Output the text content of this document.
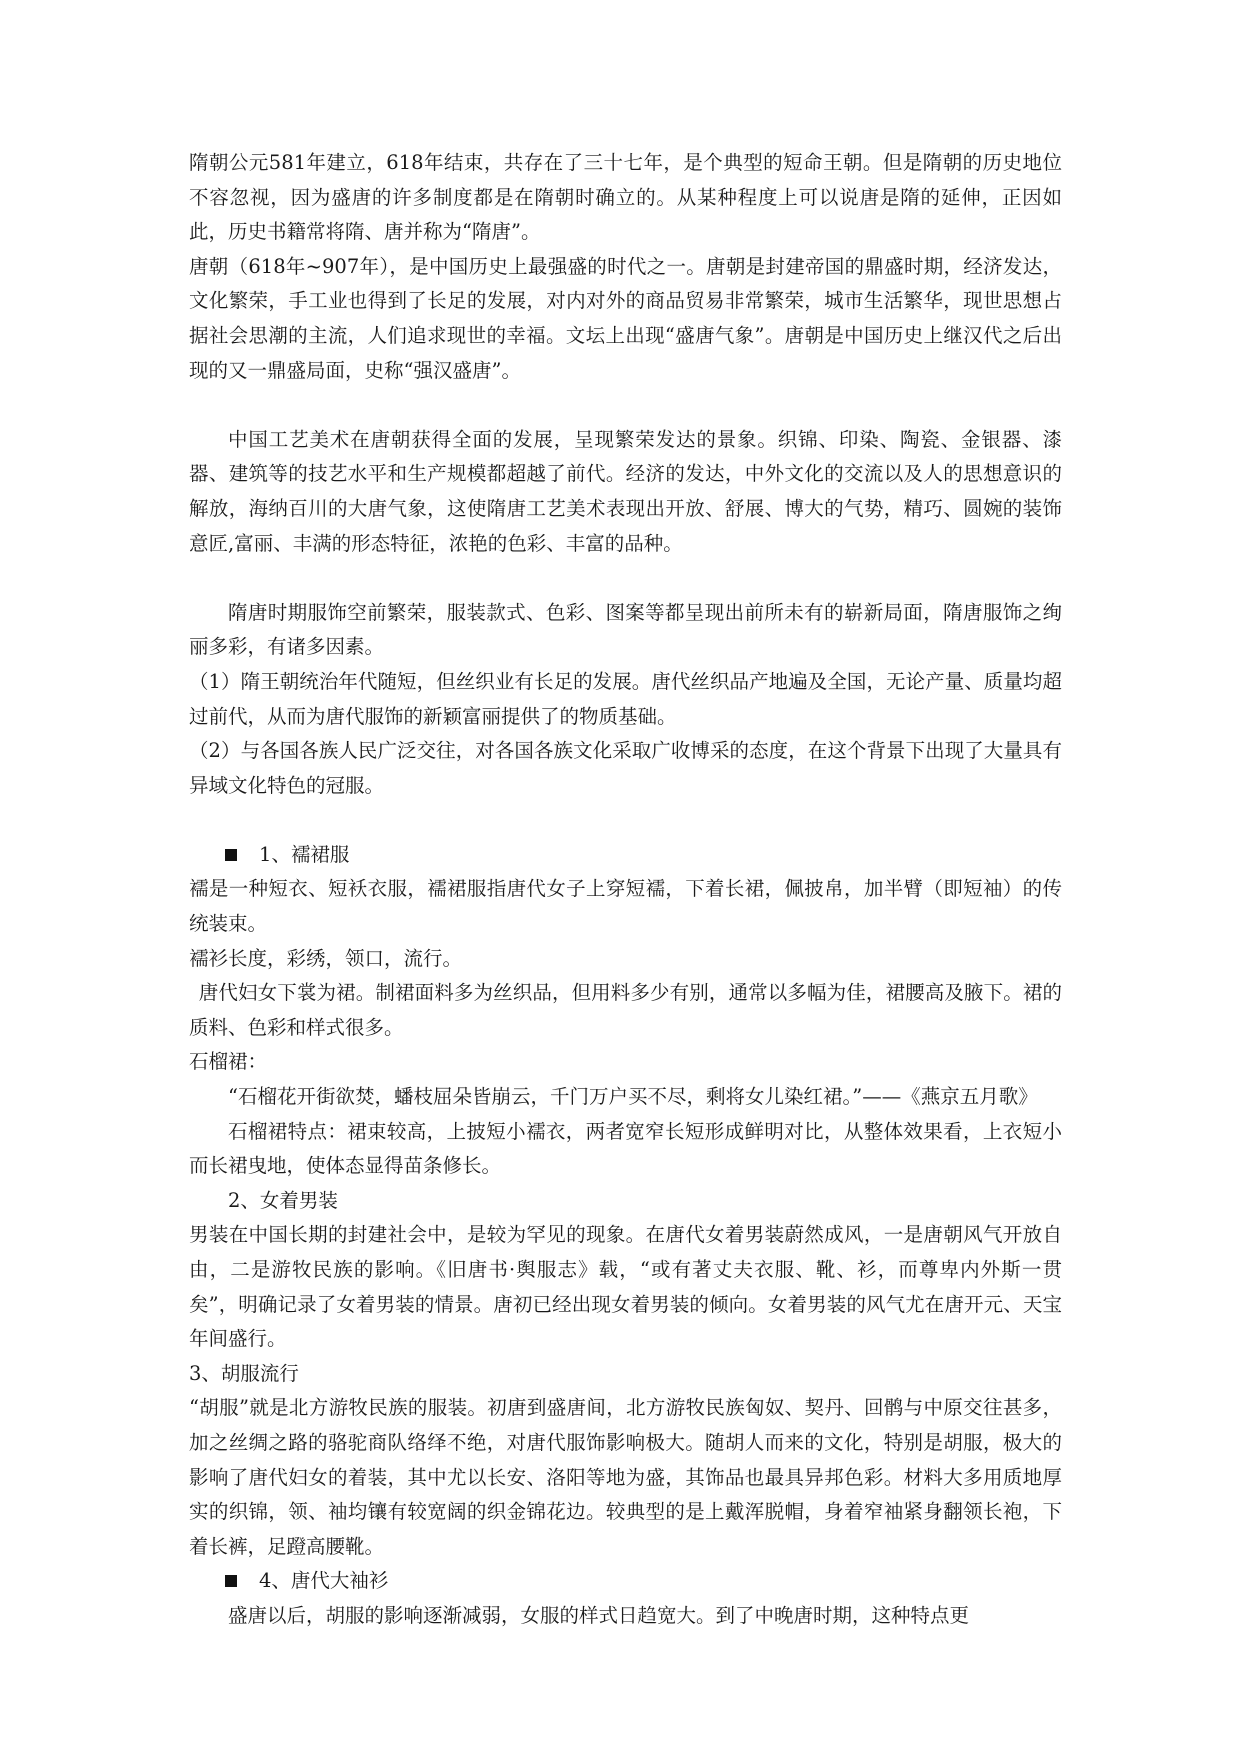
隋朝公元581年建立，618年结束，共存在了三十七年，是个典型的短命王朝。但是隋朝的历史地位不容忽视，因为盛唐的许多制度都是在隋朝时确立的。从某种程度上可以说唐是隋的延伸，正因如此，历史书籍常将隋、唐并称为“隋唐”。

唐朝（618年~907年），是中国历史上最强盛的时代之一。唐朝是封建帝国的鼎盛时期，经济发达，文化繁荣，手工业也得到了长足的发展，对内对外的商品贸易非常繁荣，城市生活繁华，现世思想占据社会思潮的主流，人们追求现世的幸福。文坛上出现“盛唐气象”。唐朝是中国历史上继汉代之后出现的又一鼎盛局面，史称“强汉盛唐”。

中国工艺美术在唐朝获得全面的发展，呈现繁荣发达的景象。织锦、印染、陶瓷、金银器、漆器、建筑等的技艺水平和生产规模都超越了前代。经济的发达，中外文化的交流以及人的思想意识的解放，海纳百川的大唐气象，这使隋唐工艺美术表现出开放、舒展、博大的气势，精巧、圆婉的装饰意匠,富丽、丰满的形态特征，浓艳的色彩、丰富的品种。

隋唐时期服饰空前繁荣，服装款式、色彩、图案等都呈现出前所未有的崭新局面，隋唐服饰之绚丽多彩，有诸多因素。

（1）隋王朝统治年代随短，但丝织业有长足的发展。唐代丝织品产地遍及全国，无论产量、质量均超过前代，从而为唐代服饰的新颖富丽提供了的物质基础。

（2）与各国各族人民广泛交往，对各国各族文化采取广收博采的态度，在这个背景下出现了大量具有异域文化特色的冠服。

1、襦裙服

襦是一种短衣、短袄衣服，襦裙服指唐代女子上穿短襦，下着长裙，佩披帛，加半臂（即短袖）的传统装束。

襦衫长度，彩绣，领口，流行。

唐代妇女下裳为裙。制裙面料多为丝织品，但用料多少有别，通常以多幅为佳，裙腰高及腋下。裙的质料、色彩和样式很多。

石榴裙：

“石榴花开街欲焚，蟠枝屈朵皆崩云，千门万户买不尽，剩将女儿染红裙。”——《燕京五月歌》

石榴裙特点：裙束较高，上披短小襦衣，两者宽窄长短形成鲜明对比，从整体效果看，上衣短小而长裙曳地，使体态显得苗条修长。

2、女着男装

男装在中国长期的封建社会中，是较为罕见的现象。在唐代女着男装蔚然成风，一是唐朝风气开放自由，二是游牧民族的影响。《旧唐书·舆服志》载，“或有著丈夫衣服、靴、衫，而尊卑内外斯一贯矣”，明确记录了女着男装的情景。唐初已经出现女着男装的倾向。女着男装的风气尤在唐开元、天宝年间盛行。

3、胡服流行

“胡服”就是北方游牧民族的服装。初唐到盛唐间，北方游牧民族匈奴、契丹、回鹘与中原交往甚多，加之丝绸之路的骆驼商队络绎不绝，对唐代服饰影响极大。随胡人而来的文化，特别是胡服，极大的影响了唐代妇女的着装，其中尤以长安、洛阳等地为盛，其饰品也最具异邦色彩。材料大多用质地厚实的织锦，领、袖均镶有较宽阔的织金锦花边。较典型的是上戴浑脱帽，身着窄袖紧身翻领长袍，下着长裤，足蹬高腰靴。

4、唐代大袖衫

盛唐以后，胡服的影响逐渐减弱，女服的样式日趋宽大。到了中晚唐时期，这种特点更
